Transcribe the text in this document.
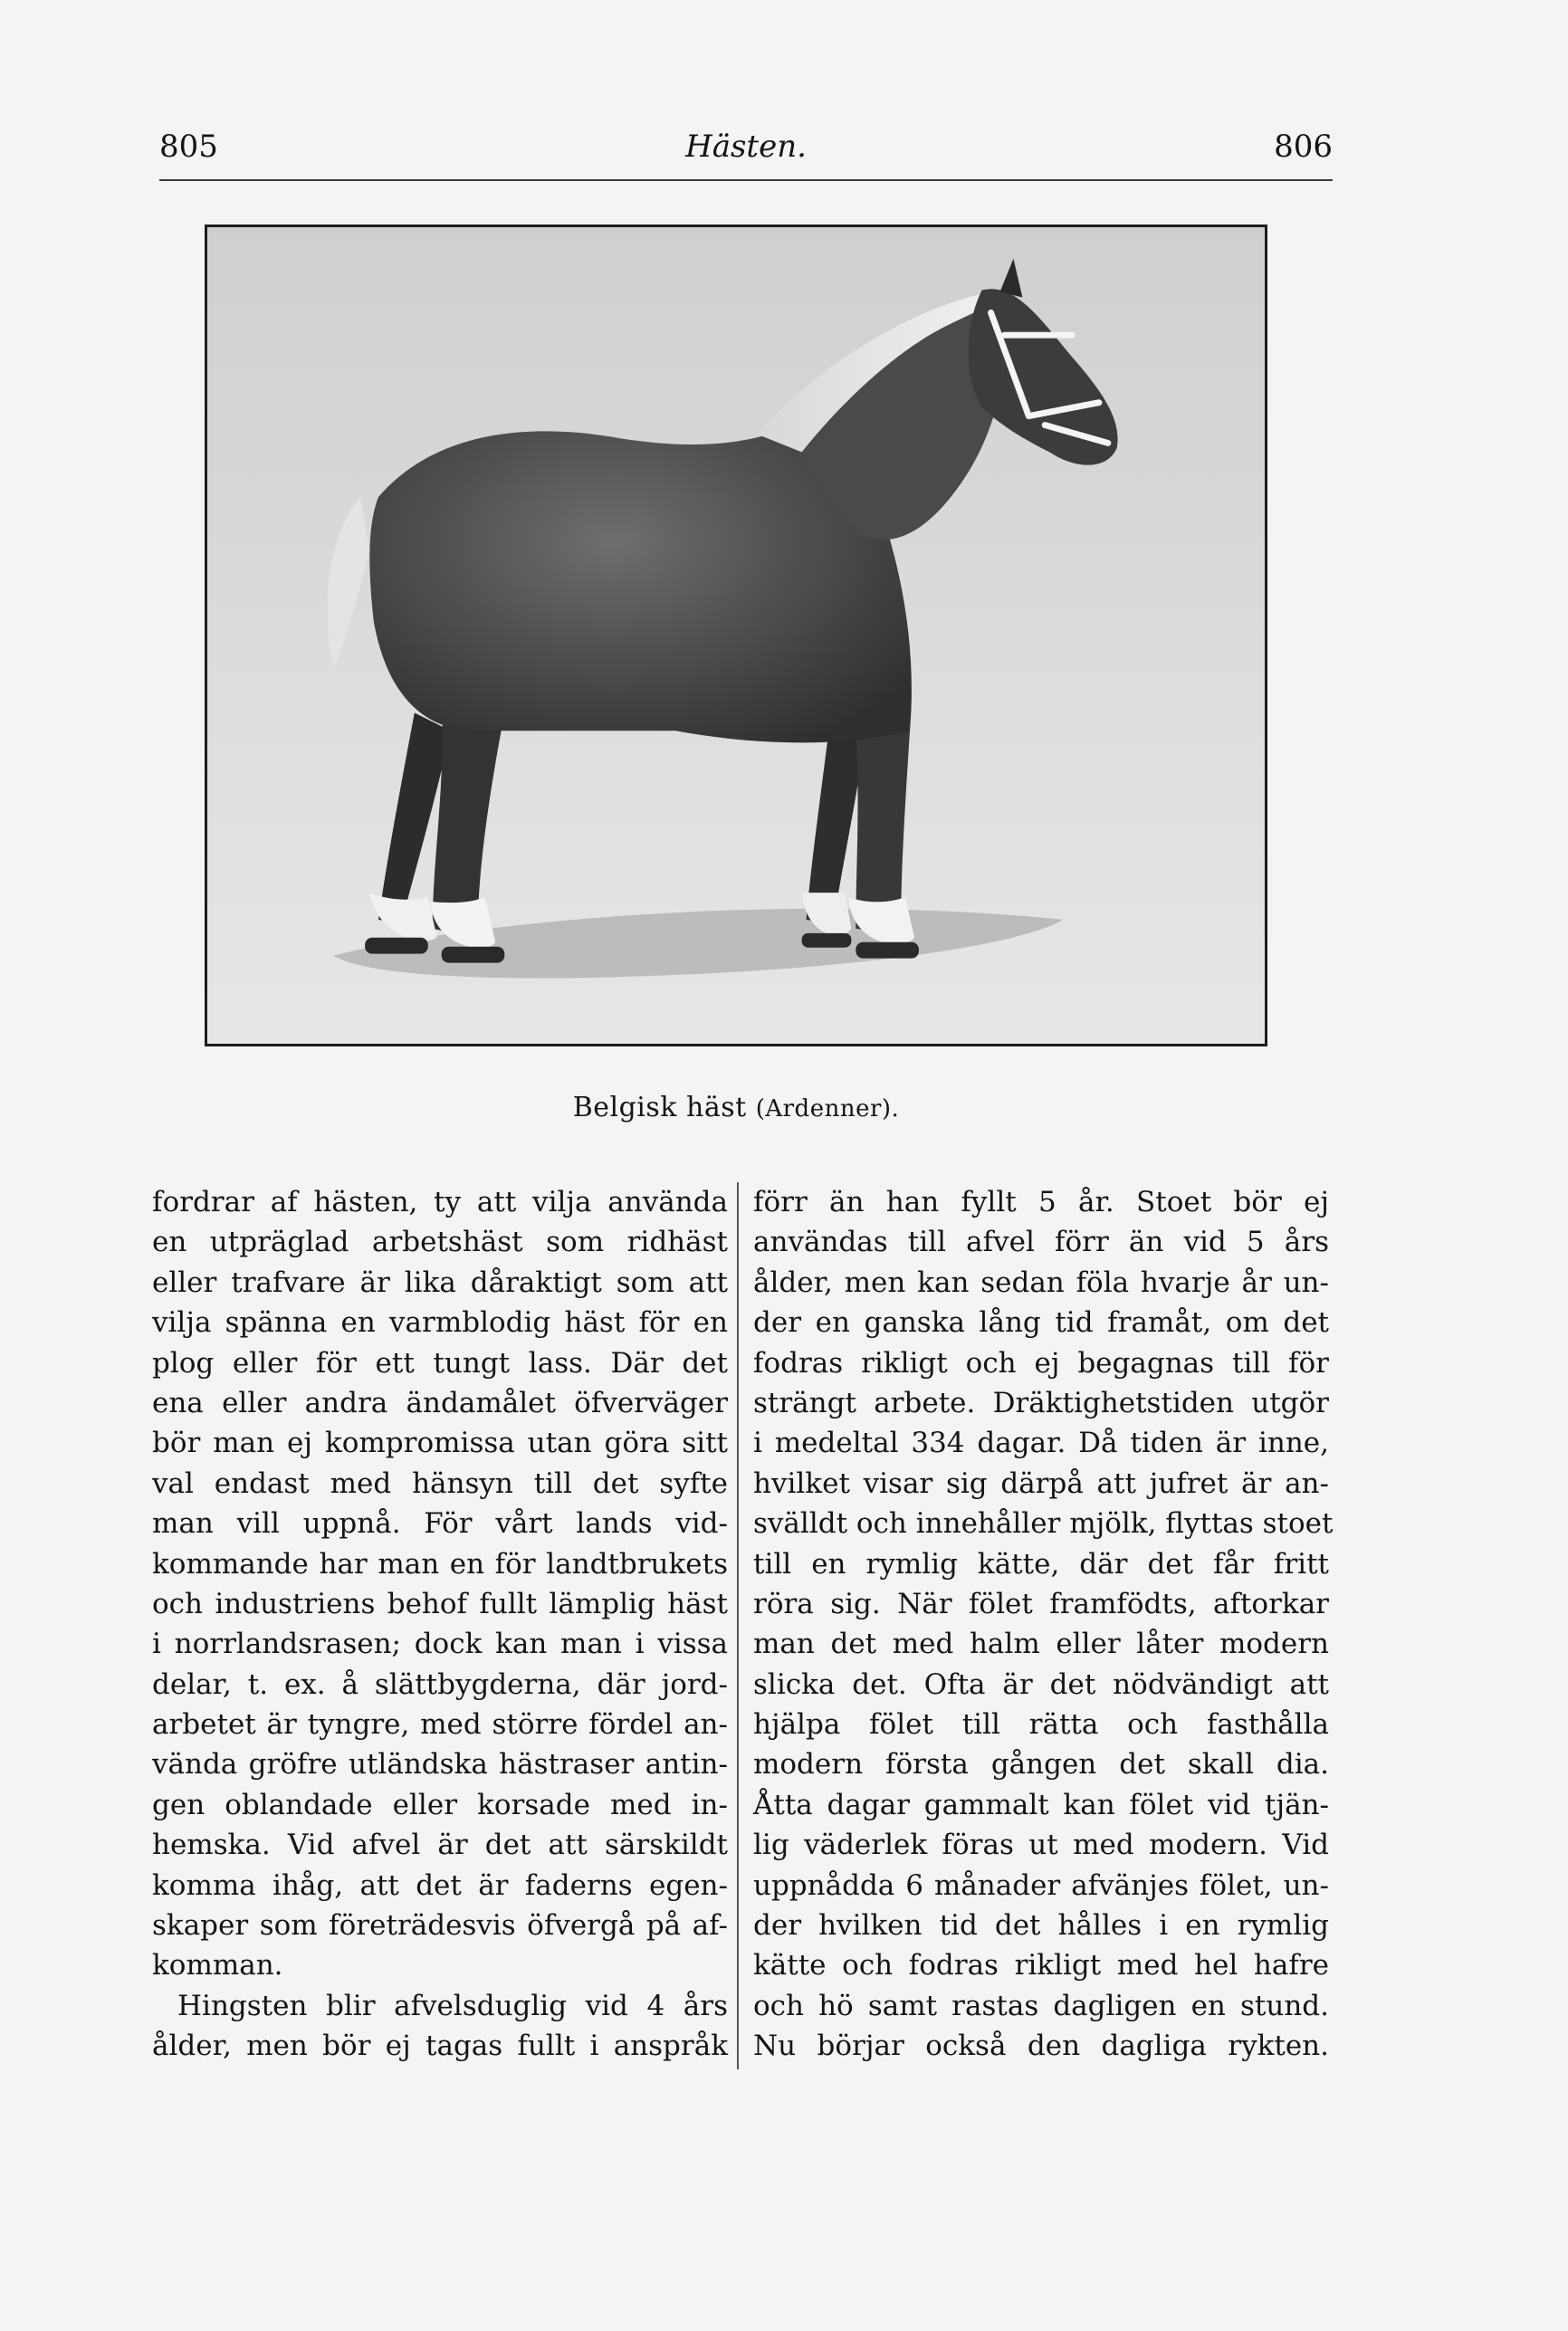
805	Hästen.	806
Belgisk häst (Ardenner).
fordrar af hästen, ty att vilja använda
en utpräglad arbetshäst som ridhäst
eller trafvare är lika dåraktigt som att
vilja spänna en varmblodig häst för en
plog eller för ett tungt lass. Där det
ena eller andra ändamålet öfverväger
bör man ej kompromissa utan göra sitt
val endast med hänsyn till det syfte
man vill uppnå. För vårt lands vid-
kommande har man en för landtbrukets
och industriens behof fullt lämplig häst
i norrlandsrasen; dock kan man i vissa
delar, t. ex. å slättbygderna, där jord-
arbetet är tyngre, med större fördel an-
vända gröfre utländska hästraser antin-
gen oblandade eller korsade med in-
hemska. Vid afvel är det att särskildt
komma ihåg, att det är faderns egen-
skaper som företrädesvis öfvergå på af-
komman.
Hingsten blir afvelsduglig vid 4 års
ålder, men bör ej tagas fullt i anspråk
förr än han fyllt 5 år. Stoet bör ej
användas till afvel förr än vid 5 års
ålder, men kan sedan föla hvarje år un-
der en ganska lång tid framåt, om det
fodras rikligt och ej begagnas till för
strängt arbete. Dräktighetstiden utgör
i medeltal 334 dagar. Då tiden är inne,
hvilket visar sig därpå att jufret är an-
svälldt och innehåller mjölk, flyttas stoet
till en rymlig kätte, där det får fritt
röra sig. När fölet framfödts, aftorkar
man det med halm eller låter modern
slicka det. Ofta är det nödvändigt att
hjälpa fölet till rätta och fasthålla
modern första gången det skall dia.
Åtta dagar gammalt kan fölet vid tjän-
lig väderlek föras ut med modern. Vid
uppnådda 6 månader afvänjes fölet, un-
der hvilken tid det hålles i en rymlig
kätte och fodras rikligt med hel hafre
och hö samt rastas dagligen en stund.
Nu börjar också den dagliga rykten.
